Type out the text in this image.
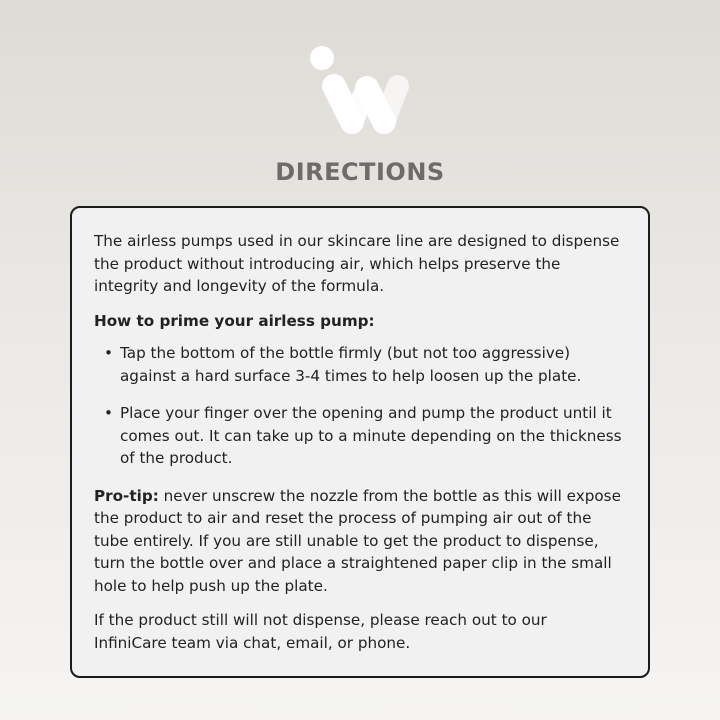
DIRECTIONS

The airless pumps used in our skincare line are designed to dispense the product without introducing air, which helps preserve the integrity and longevity of the formula.

How to prime your airless pump:

• Tap the bottom of the bottle firmly (but not too aggressive) against a hard surface 3-4 times to help loosen up the plate.
• Place your finger over the opening and pump the product until it comes out. It can take up to a minute depending on the thickness of the product.

Pro-tip: never unscrew the nozzle from the bottle as this will expose the product to air and reset the process of pumping air out of the tube entirely. If you are still unable to get the product to dispense, turn the bottle over and place a straightened paper clip in the small hole to help push up the plate.

If the product still will not dispense, please reach out to our InfiniCare team via chat, email, or phone.
